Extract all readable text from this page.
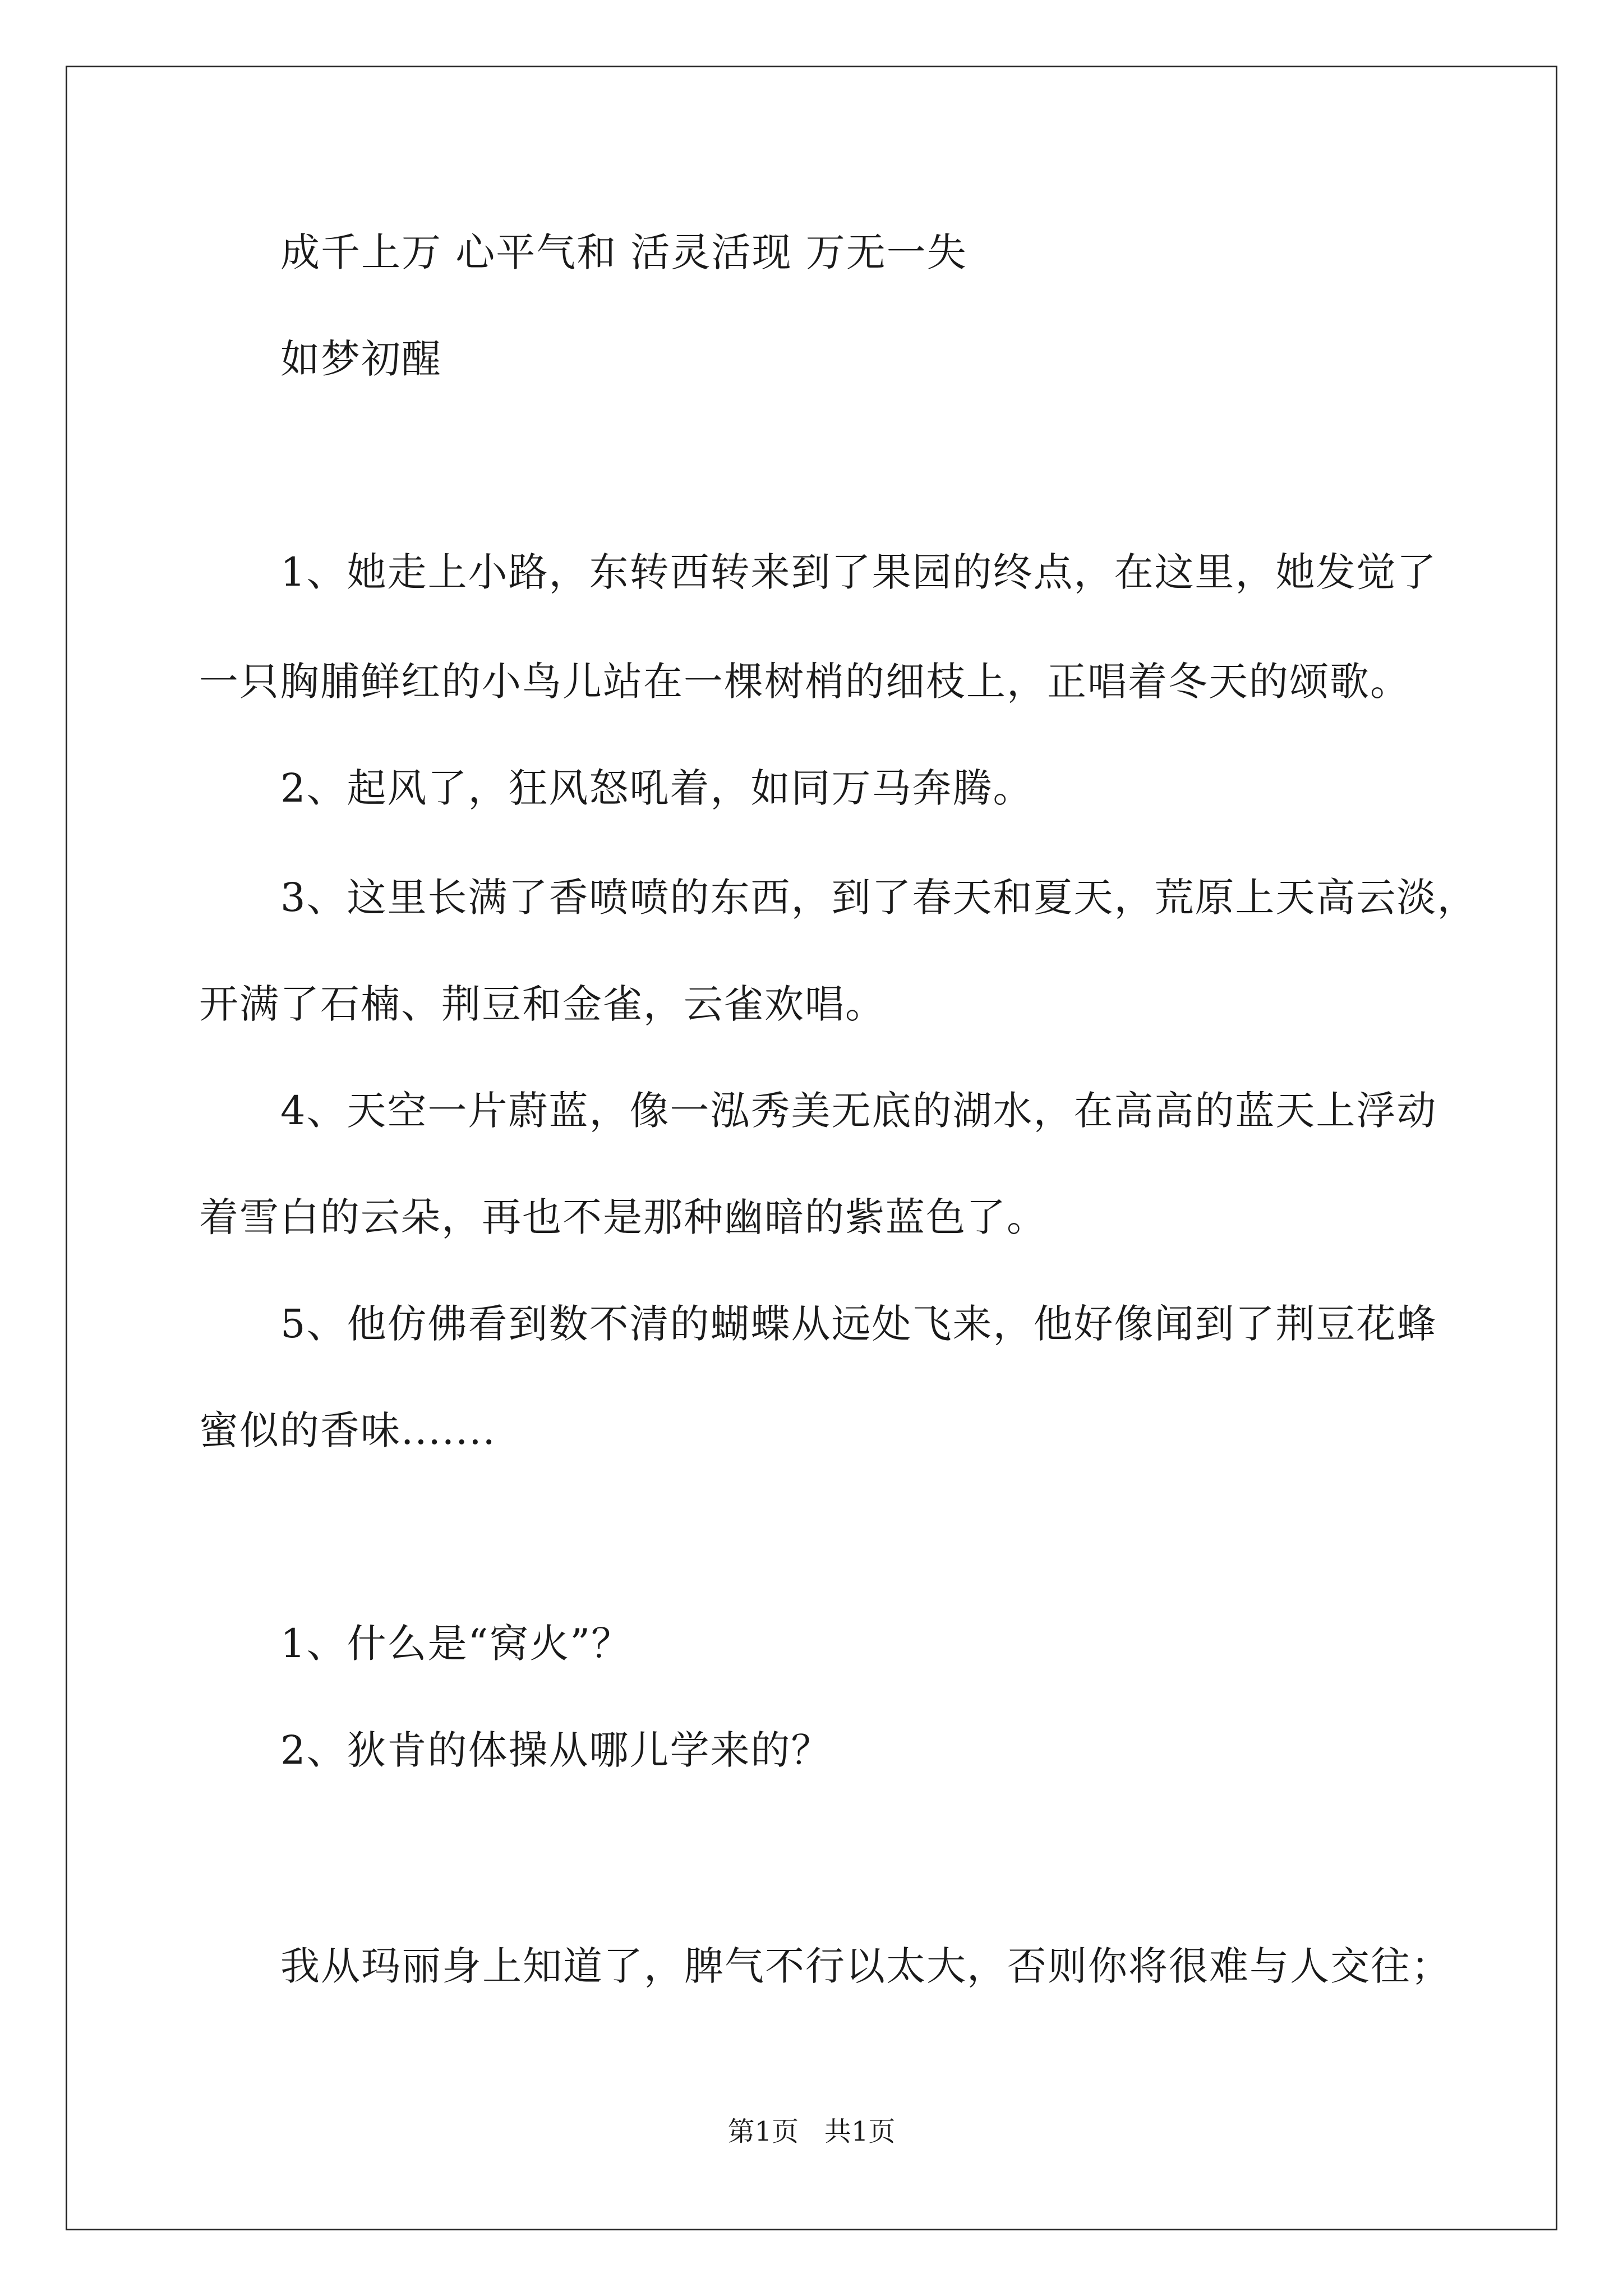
成千上万 心平气和 活灵活现 万无一失
如梦初醒
1、她走上小路，东转西转来到了果园的终点，在这里，她发觉了
一只胸脯鲜红的小鸟儿站在一棵树梢的细枝上，正唱着冬天的颂歌。
2、起风了，狂风怒吼着，如同万马奔腾。
3、这里长满了香喷喷的东西，到了春天和夏天，荒原上天高云淡，
开满了石楠、荆豆和金雀，云雀欢唱。
4、天空一片蔚蓝，像一泓秀美无底的湖水，在高高的蓝天上浮动
着雪白的云朵，再也不是那种幽暗的紫蓝色了。
5、他仿佛看到数不清的蝴蝶从远处飞来，他好像闻到了荆豆花蜂
蜜似的香味.......
1、什么是“窝火”？
2、狄肯的体操从哪儿学来的？
我从玛丽身上知道了，脾气不行以太大，否则你将很难与人交往；
第1页   共1页
